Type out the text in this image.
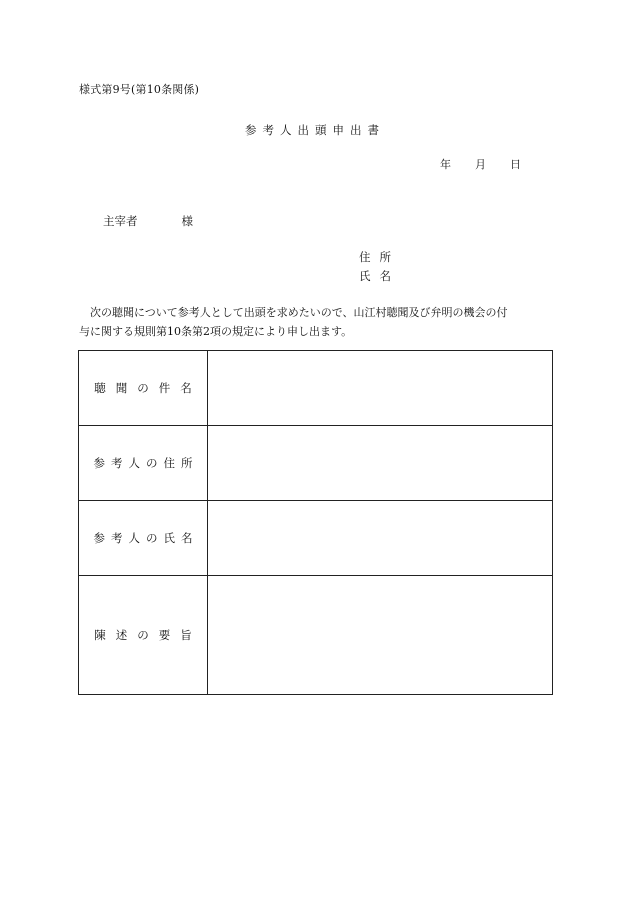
様式第9号(第10条関係)
参考人出頭申出書
年 月 日
主宰者	様
住所
氏名
次の聴聞について参考人として出頭を求めたいので、山江村聴聞及び弁明の機会の付
与に関する規則第10条第2項の規定により申し出ます。
聴聞の件名	
参考人の住所	
参考人の氏名	
陳述の要旨	
